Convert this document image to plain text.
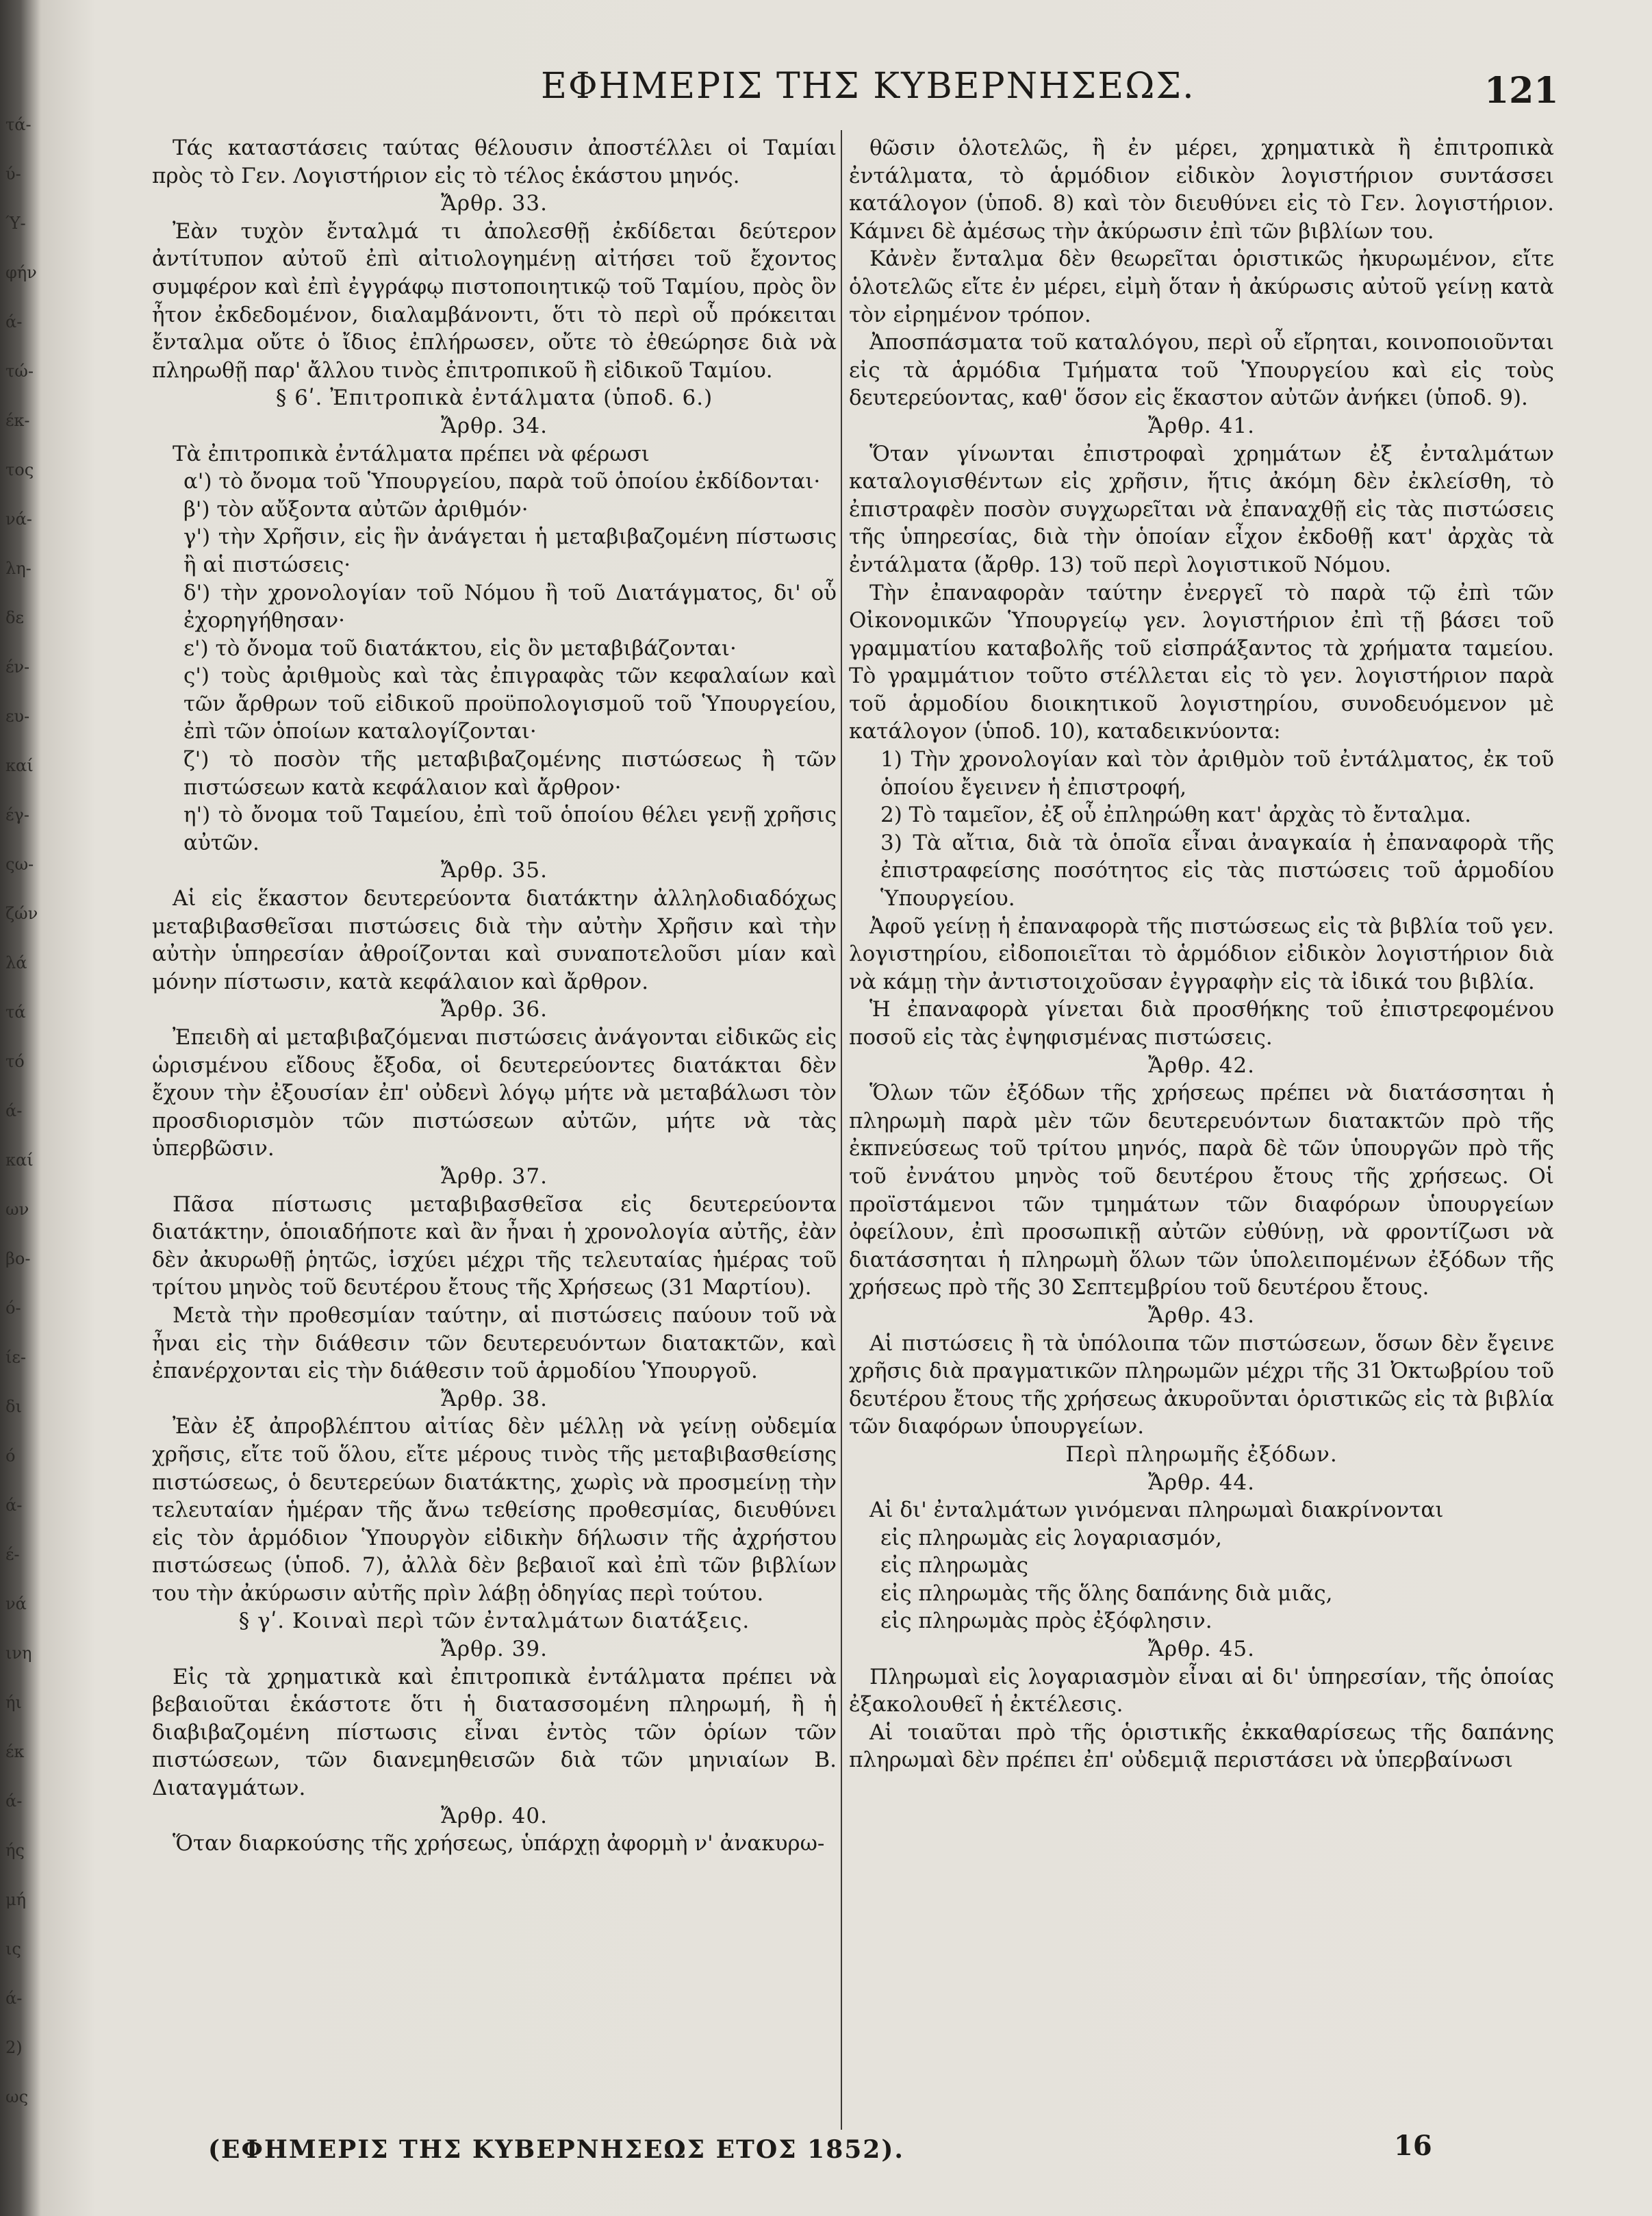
τά-
ύ-
Ύ-
φήν
ά-
τώ-
έκ-
τος
νά-
λη-
δε
έν-
ευ-
καί
έγ-
ςω-
ζών
λά
τά
τό
ά-
καί
ων
βο-
ό-
ίε-
δι
ό
ά-
έ-
νά
ινη
ήι
έκ
ά-
ής
μή
ις
ά-
2)
ως
ΕΦΗΜΕΡΙΣ ΤΗΣ ΚΥΒΕΡΝΗΣΕΩΣ.	121

Τάς καταστάσεις ταύτας θέλουσιν ἀποστέλλει οἱ Ταμίαι πρὸς τὸ Γεν. Λογιστήριον εἰς τὸ τέλος ἑκάστου μηνός.

Ἄρθρ. 33.

Ἐὰν τυχὸν ἔνταλμά τι ἀπολεσθῇ ἐκδίδεται δεύτερον ἀντίτυπον αὐτοῦ ἐπὶ αἰτιολογημένῃ αἰτήσει τοῦ ἔχοντος συμφέρον καὶ ἐπὶ ἐγγράφῳ πιστοποιητικῷ τοῦ Ταμίου, πρὸς ὃν ἦτον ἐκδεδομένον, διαλαμβάνοντι, ὅτι τὸ περὶ οὗ πρόκειται ἔνταλμα οὔτε ὁ ἴδιος ἐπλήρωσεν, οὔτε τὸ ἐθεώρησε διὰ νὰ πληρωθῇ παρ' ἄλλου τινὸς ἐπιτροπικοῦ ἢ εἰδικοῦ Ταμίου.

§ 6ʹ. Ἐπιτροπικὰ ἐντάλματα (ὑποδ. 6.)

Ἄρθρ. 34.

Τὰ ἐπιτροπικὰ ἐντάλματα πρέπει νὰ φέρωσι

α') τὸ ὄνομα τοῦ Ὑπουργείου, παρὰ τοῦ ὁποίου ἐκδίδονται·

β') τὸν αὔξοντα αὐτῶν ἀριθμόν·

γ') τὴν Χρῆσιν, εἰς ἣν ἀνάγεται ἡ μεταβιβαζομένη πίστωσις ἢ αἱ πιστώσεις·

δ') τὴν χρονολογίαν τοῦ Νόμου ἢ τοῦ Διατάγματος, δι' οὗ ἐχορηγήθησαν·

ε') τὸ ὄνομα τοῦ διατάκτου, εἰς ὃν μεταβιβάζονται·

ς') τοὺς ἀριθμοὺς καὶ τὰς ἐπιγραφὰς τῶν κεφαλαίων καὶ τῶν ἄρθρων τοῦ εἰδικοῦ προϋπολογισμοῦ τοῦ Ὑπουργείου, ἐπὶ τῶν ὁποίων καταλογίζονται·

ζ') τὸ ποσὸν τῆς μεταβιβαζομένης πιστώσεως ἢ τῶν πιστώσεων κατὰ κεφάλαιον καὶ ἄρθρον·

η') τὸ ὄνομα τοῦ Ταμείου, ἐπὶ τοῦ ὁποίου θέλει γενῇ χρῆσις αὐτῶν.

Ἄρθρ. 35.

Αἱ εἰς ἕκαστον δευτερεύοντα διατάκτην ἀλληλοδιαδόχως μεταβιβασθεῖσαι πιστώσεις διὰ τὴν αὐτὴν Χρῆσιν καὶ τὴν αὐτὴν ὑπηρεσίαν ἀθροίζονται καὶ συναποτελοῦσι μίαν καὶ μόνην πίστωσιν, κατὰ κεφάλαιον καὶ ἄρθρον.

Ἄρθρ. 36.

Ἐπειδὴ αἱ μεταβιβαζόμεναι πιστώσεις ἀνάγονται εἰδικῶς εἰς ὡρισμένου εἴδους ἔξοδα, οἱ δευτερεύοντες διατάκται δὲν ἔχουν τὴν ἐξουσίαν ἐπ' οὐδενὶ λόγῳ μήτε νὰ μεταβάλωσι τὸν προσδιορισμὸν τῶν πιστώσεων αὐτῶν, μήτε νὰ τὰς ὑπερβῶσιν.

Ἄρθρ. 37.

Πᾶσα πίστωσις μεταβιβασθεῖσα εἰς δευτερεύοντα διατάκτην, ὁποιαδήποτε καὶ ἂν ἦναι ἡ χρονολογία αὐτῆς, ἐὰν δὲν ἀκυρωθῇ ῥητῶς, ἰσχύει μέχρι τῆς τελευταίας ἡμέρας τοῦ τρίτου μηνὸς τοῦ δευτέρου ἔτους τῆς Χρήσεως (31 Μαρτίου).

Μετὰ τὴν προθεσμίαν ταύτην, αἱ πιστώσεις παύουν τοῦ νὰ ἦναι εἰς τὴν διάθεσιν τῶν δευτερευόντων διατακτῶν, καὶ ἐπανέρχονται εἰς τὴν διάθεσιν τοῦ ἁρμοδίου Ὑπουργοῦ.

Ἄρθρ. 38.

Ἐὰν ἐξ ἀπροβλέπτου αἰτίας δὲν μέλλῃ νὰ γείνῃ οὐδεμία χρῆσις, εἴτε τοῦ ὅλου, εἴτε μέρους τινὸς τῆς μεταβιβασθείσης πιστώσεως, ὁ δευτερεύων διατάκτης, χωρὶς νὰ προσμείνῃ τὴν τελευταίαν ἡμέραν τῆς ἄνω τεθείσης προθεσμίας, διευθύνει εἰς τὸν ἁρμόδιον Ὑπουργὸν εἰδικὴν δήλωσιν τῆς ἀχρήστου πιστώσεως (ὑποδ. 7), ἀλλὰ δὲν βεβαιοῖ καὶ ἐπὶ τῶν βιβλίων του τὴν ἀκύρωσιν αὐτῆς πρὶν λάβῃ ὁδηγίας περὶ τούτου.

§ γʹ. Κοιναὶ περὶ τῶν ἐνταλμάτων διατάξεις.

Ἄρθρ. 39.

Εἰς τὰ χρηματικὰ καὶ ἐπιτροπικὰ ἐντάλματα πρέπει νὰ βεβαιοῦται ἑκάστοτε ὅτι ἡ διατασσομένη πληρωμή, ἢ ἡ διαβιβαζομένη πίστωσις εἶναι ἐντὸς τῶν ὁρίων τῶν πιστώσεων, τῶν διανεμηθεισῶν διὰ τῶν μηνιαίων Β. Διαταγμάτων.

Ἄρθρ. 40.

Ὅταν διαρκούσης τῆς χρήσεως, ὑπάρχῃ ἀφορμὴ ν' ἀνακυρω-

θῶσιν ὁλοτελῶς, ἢ ἐν μέρει, χρηματικὰ ἢ ἐπιτροπικὰ ἐντάλματα, τὸ ἁρμόδιον εἰδικὸν λογιστήριον συντάσσει κατάλογον (ὑποδ. 8) καὶ τὸν διευθύνει εἰς τὸ Γεν. λογιστήριον. Κάμνει δὲ ἀμέσως τὴν ἀκύρωσιν ἐπὶ τῶν βιβλίων του.

Κἀνὲν ἔνταλμα δὲν θεωρεῖται ὁριστικῶς ἠκυρωμένον, εἴτε ὁλοτελῶς εἴτε ἐν μέρει, εἰμὴ ὅταν ἡ ἀκύρωσις αὐτοῦ γείνῃ κατὰ τὸν εἰρημένον τρόπον.

Ἀποσπάσματα τοῦ καταλόγου, περὶ οὗ εἴρηται, κοινοποιοῦνται εἰς τὰ ἁρμόδια Τμήματα τοῦ Ὑπουργείου καὶ εἰς τοὺς δευτερεύοντας, καθ' ὅσον εἰς ἕκαστον αὐτῶν ἀνήκει (ὑποδ. 9).

Ἄρθρ. 41.

Ὅταν γίνωνται ἐπιστροφαὶ χρημάτων ἐξ ἐνταλμάτων καταλογισθέντων εἰς χρῆσιν, ἥτις ἀκόμη δὲν ἐκλείσθη, τὸ ἐπιστραφὲν ποσὸν συγχωρεῖται νὰ ἐπαναχθῇ εἰς τὰς πιστώσεις τῆς ὑπηρεσίας, διὰ τὴν ὁποίαν εἶχον ἐκδοθῇ κατ' ἀρχὰς τὰ ἐντάλματα (ἄρθρ. 13) τοῦ περὶ λογιστικοῦ Νόμου.

Τὴν ἐπαναφορὰν ταύτην ἐνεργεῖ τὸ παρὰ τῷ ἐπὶ τῶν Οἰκονομικῶν Ὑπουργείῳ γεν. λογιστήριον ἐπὶ τῇ βάσει τοῦ γραμματίου καταβολῆς τοῦ εἰσπράξαντος τὰ χρήματα ταμείου. Τὸ γραμμάτιον τοῦτο στέλλεται εἰς τὸ γεν. λογιστήριον παρὰ τοῦ ἁρμοδίου διοικητικοῦ λογιστηρίου, συνοδευόμενον μὲ κατάλογον (ὑποδ. 10), καταδεικνύοντα:

1) Τὴν χρονολογίαν καὶ τὸν ἀριθμὸν τοῦ ἐντάλματος, ἐκ τοῦ ὁποίου ἔγεινεν ἡ ἐπιστροφή,

2) Τὸ ταμεῖον, ἐξ οὗ ἐπληρώθη κατ' ἀρχὰς τὸ ἔνταλμα.

3) Τὰ αἴτια, διὰ τὰ ὁποῖα εἶναι ἀναγκαία ἡ ἐπαναφορὰ τῆς ἐπιστραφείσης ποσότητος εἰς τὰς πιστώσεις τοῦ ἁρμοδίου Ὑπουργείου.

Ἀφοῦ γείνῃ ἡ ἐπαναφορὰ τῆς πιστώσεως εἰς τὰ βιβλία τοῦ γεν. λογιστηρίου, εἰδοποιεῖται τὸ ἁρμόδιον εἰδικὸν λογιστήριον διὰ νὰ κάμῃ τὴν ἀντιστοιχοῦσαν ἐγγραφὴν εἰς τὰ ἰδικά του βιβλία.

Ἡ ἐπαναφορὰ γίνεται διὰ προσθήκης τοῦ ἐπιστρεφομένου ποσοῦ εἰς τὰς ἐψηφισμένας πιστώσεις.

Ἄρθρ. 42.

Ὅλων τῶν ἐξόδων τῆς χρήσεως πρέπει νὰ διατάσσηται ἡ πληρωμὴ παρὰ μὲν τῶν δευτερευόντων διατακτῶν πρὸ τῆς ἐκπνεύσεως τοῦ τρίτου μηνός, παρὰ δὲ τῶν ὑπουργῶν πρὸ τῆς τοῦ ἐννάτου μηνὸς τοῦ δευτέρου ἔτους τῆς χρήσεως. Οἱ προϊστάμενοι τῶν τμημάτων τῶν διαφόρων ὑπουργείων ὀφείλουν, ἐπὶ προσωπικῇ αὐτῶν εὐθύνῃ, νὰ φροντίζωσι νὰ διατάσσηται ἡ πληρωμὴ ὅλων τῶν ὑπολειπομένων ἐξόδων τῆς χρήσεως πρὸ τῆς 30 Σεπτεμβρίου τοῦ δευτέρου ἔτους.

Ἄρθρ. 43.

Αἱ πιστώσεις ἢ τὰ ὑπόλοιπα τῶν πιστώσεων, ὅσων δὲν ἔγεινε χρῆσις διὰ πραγματικῶν πληρωμῶν μέχρι τῆς 31 Ὀκτωβρίου τοῦ δευτέρου ἔτους τῆς χρήσεως ἀκυροῦνται ὁριστικῶς εἰς τὰ βιβλία τῶν διαφόρων ὑπουργείων.

Περὶ πληρωμῆς ἐξόδων.

Ἄρθρ. 44.

Αἱ δι' ἐνταλμάτων γινόμεναι πληρωμαὶ διακρίνονται

εἰς πληρωμὰς εἰς λογαριασμόν,

εἰς πληρωμὰς

εἰς πληρωμὰς τῆς ὅλης δαπάνης διὰ μιᾶς,

εἰς πληρωμὰς πρὸς ἐξόφλησιν.

Ἄρθρ. 45.

Πληρωμαὶ εἰς λογαριασμὸν εἶναι αἱ δι' ὑπηρεσίαν, τῆς ὁποίας ἐξακολουθεῖ ἡ ἐκτέλεσις.

Αἱ τοιαῦται πρὸ τῆς ὁριστικῆς ἐκκαθαρίσεως τῆς δαπάνης πληρωμαὶ δὲν πρέπει ἐπ' οὐδεμιᾷ περιστάσει νὰ ὑπερβαίνωσι

(ΕΦΗΜΕΡΙΣ ΤΗΣ ΚΥΒΕΡΝΗΣΕΩΣ ΕΤΟΣ 1852).	16
